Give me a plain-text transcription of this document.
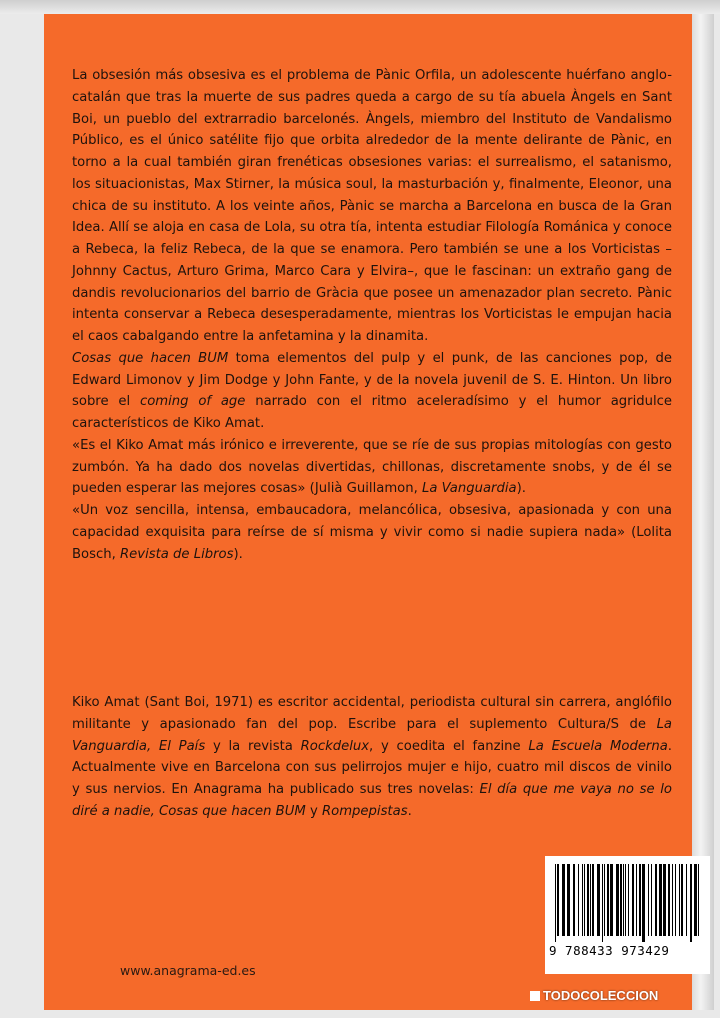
La obsesión más obsesiva es el problema de Pànic Orfila, un adolescente huérfano anglo-catalán que tras la muerte de sus padres queda a cargo de su tía abuela Àngels en Sant Boi, un pueblo del extrarradio barcelonés. Àngels, miembro del Instituto de Vandalismo Público, es el único satélite fijo que orbita alrededor de la mente delirante de Pànic, en torno a la cual también giran frenéticas obsesiones varias: el surrealismo, el satanismo, los situacionistas, Max Stirner, la música soul, la masturbación y, finalmente, Eleonor, una chica de su instituto. A los veinte años, Pànic se marcha a Barcelona en busca de la Gran Idea. Allí se aloja en casa de Lola, su otra tía, intenta estudiar Filología Románica y conoce a Rebeca, la feliz Rebeca, de la que se enamora. Pero también se une a los Vorticistas –Johnny Cactus, Arturo Grima, Marco Cara y Elvira–, que le fascinan: un extraño gang de dandis revolucionarios del barrio de Gràcia que posee un amenazador plan secreto. Pànic intenta conservar a Rebeca desesperadamente, mientras los Vorticistas le empujan hacia el caos cabalgando entre la anfetamina y la dinamita.

Cosas que hacen BUM toma elementos del pulp y el punk, de las canciones pop, de Edward Limonov y Jim Dodge y John Fante, y de la novela juvenil de S. E. Hinton. Un libro sobre el coming of age narrado con el ritmo aceleradísimo y el humor agridulce característicos de Kiko Amat.

«Es el Kiko Amat más irónico e irreverente, que se ríe de sus propias mitologías con gesto zumbón. Ya ha dado dos novelas divertidas, chillonas, discretamente snobs, y de él se pueden esperar las mejores cosas» (Julià Guillamon, La Vanguardia).

«Un voz sencilla, intensa, embaucadora, melancólica, obsesiva, apasionada y con una capacidad exquisita para reírse de sí misma y vivir como si nadie supiera nada» (Lolita Bosch, Revista de Libros).

Kiko Amat (Sant Boi, 1971) es escritor accidental, periodista cultural sin carrera, anglófilo militante y apasionado fan del pop. Escribe para el suplemento Cultura/S de La Vanguardia, El País y la revista Rockdelux, y coedita el fanzine La Escuela Moderna. Actualmente vive en Barcelona con sus pelirrojos mujer e hijo, cuatro mil discos de vinilo y sus nervios. En Anagrama ha publicado sus tres novelas: El día que me vaya no se lo diré a nadie, Cosas que hacen BUM y Rompepistas.

9 788433 973429
www.anagrama-ed.es
TODOCOLECCION
